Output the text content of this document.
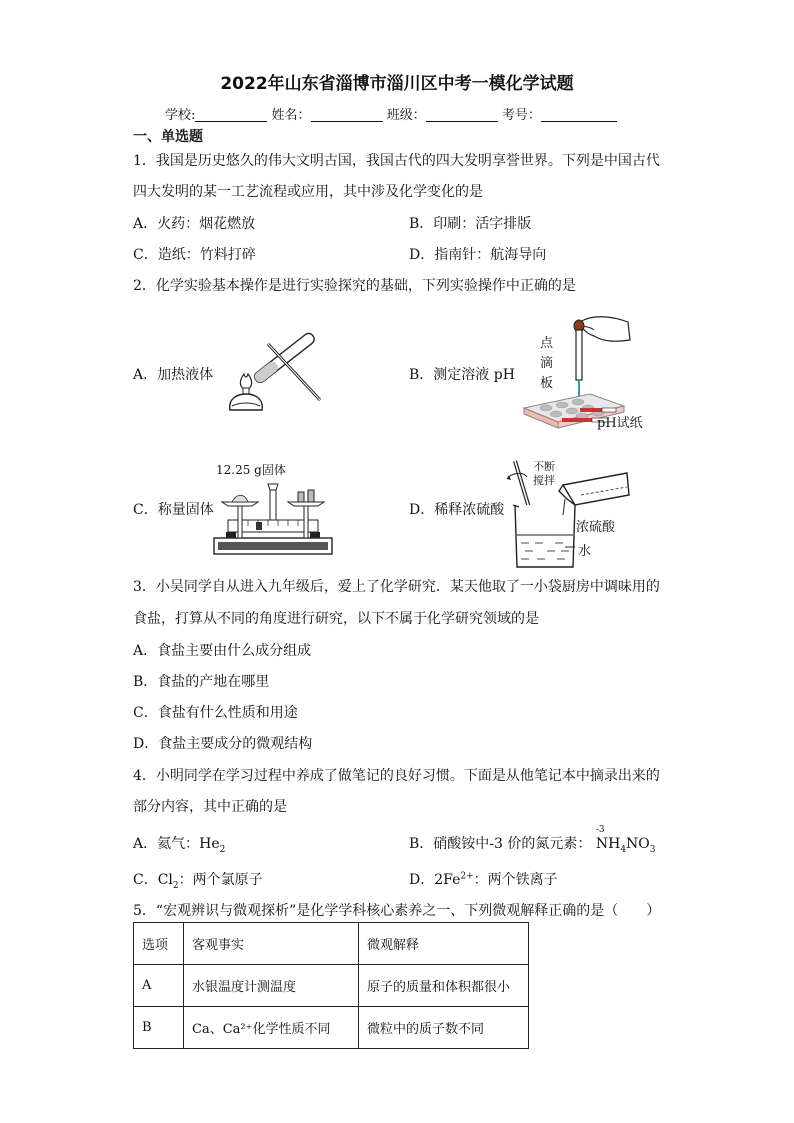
2022年山东省淄博市淄川区中考一模化学试题
学校:	姓名：	班级：	考号：
一、单选题
1．我国是历史悠久的伟大文明古国，我国古代的四大发明享誉世界。下列是中国古代
四大发明的某一工艺流程或应用，其中涉及化学变化的是
A．火药：烟花燃放	B．印刷：活字排版
C．造纸：竹料打碎	D．指南针：航海导向
2．化学实验基本操作是进行实验探究的基础，下列实验操作中正确的是
A．加热液体	B．测定溶液 pH
点
滴
板
pH试纸
C．称量固体	D．稀释浓硫酸
12.25 g固体	不断
搅拌
浓硫酸
水
3．小吴同学自从进入九年级后，爱上了化学研究．某天他取了一小袋厨房中调味用的
食盐，打算从不同的角度进行研究，以下不属于化学研究领域的是
A．食盐主要由什么成分组成
B．食盐的产地在哪里
C．食盐有什么性质和用途
D．食盐主要成分的微观结构
4．小明同学在学习过程中养成了做笔记的良好习惯。下面是从他笔记本中摘录出来的
部分内容，其中正确的是
A．氦气：$He_2$	B．硝酸铵中-3 价的氮元素：
-3
$NH_4NO_3$
C．$Cl_2$：两个氯原子	D．$2Fe^{2+}$：两个铁离子
5．“宏观辨识与微观探析”是化学学科核心素养之一、下列微观解释正确的是（　　）
选项	客观事实	微观解释
A	水银温度计测温度	原子的质量和体积都很小
B	Ca、Ca²⁺化学性质不同	微粒中的质子数不同
